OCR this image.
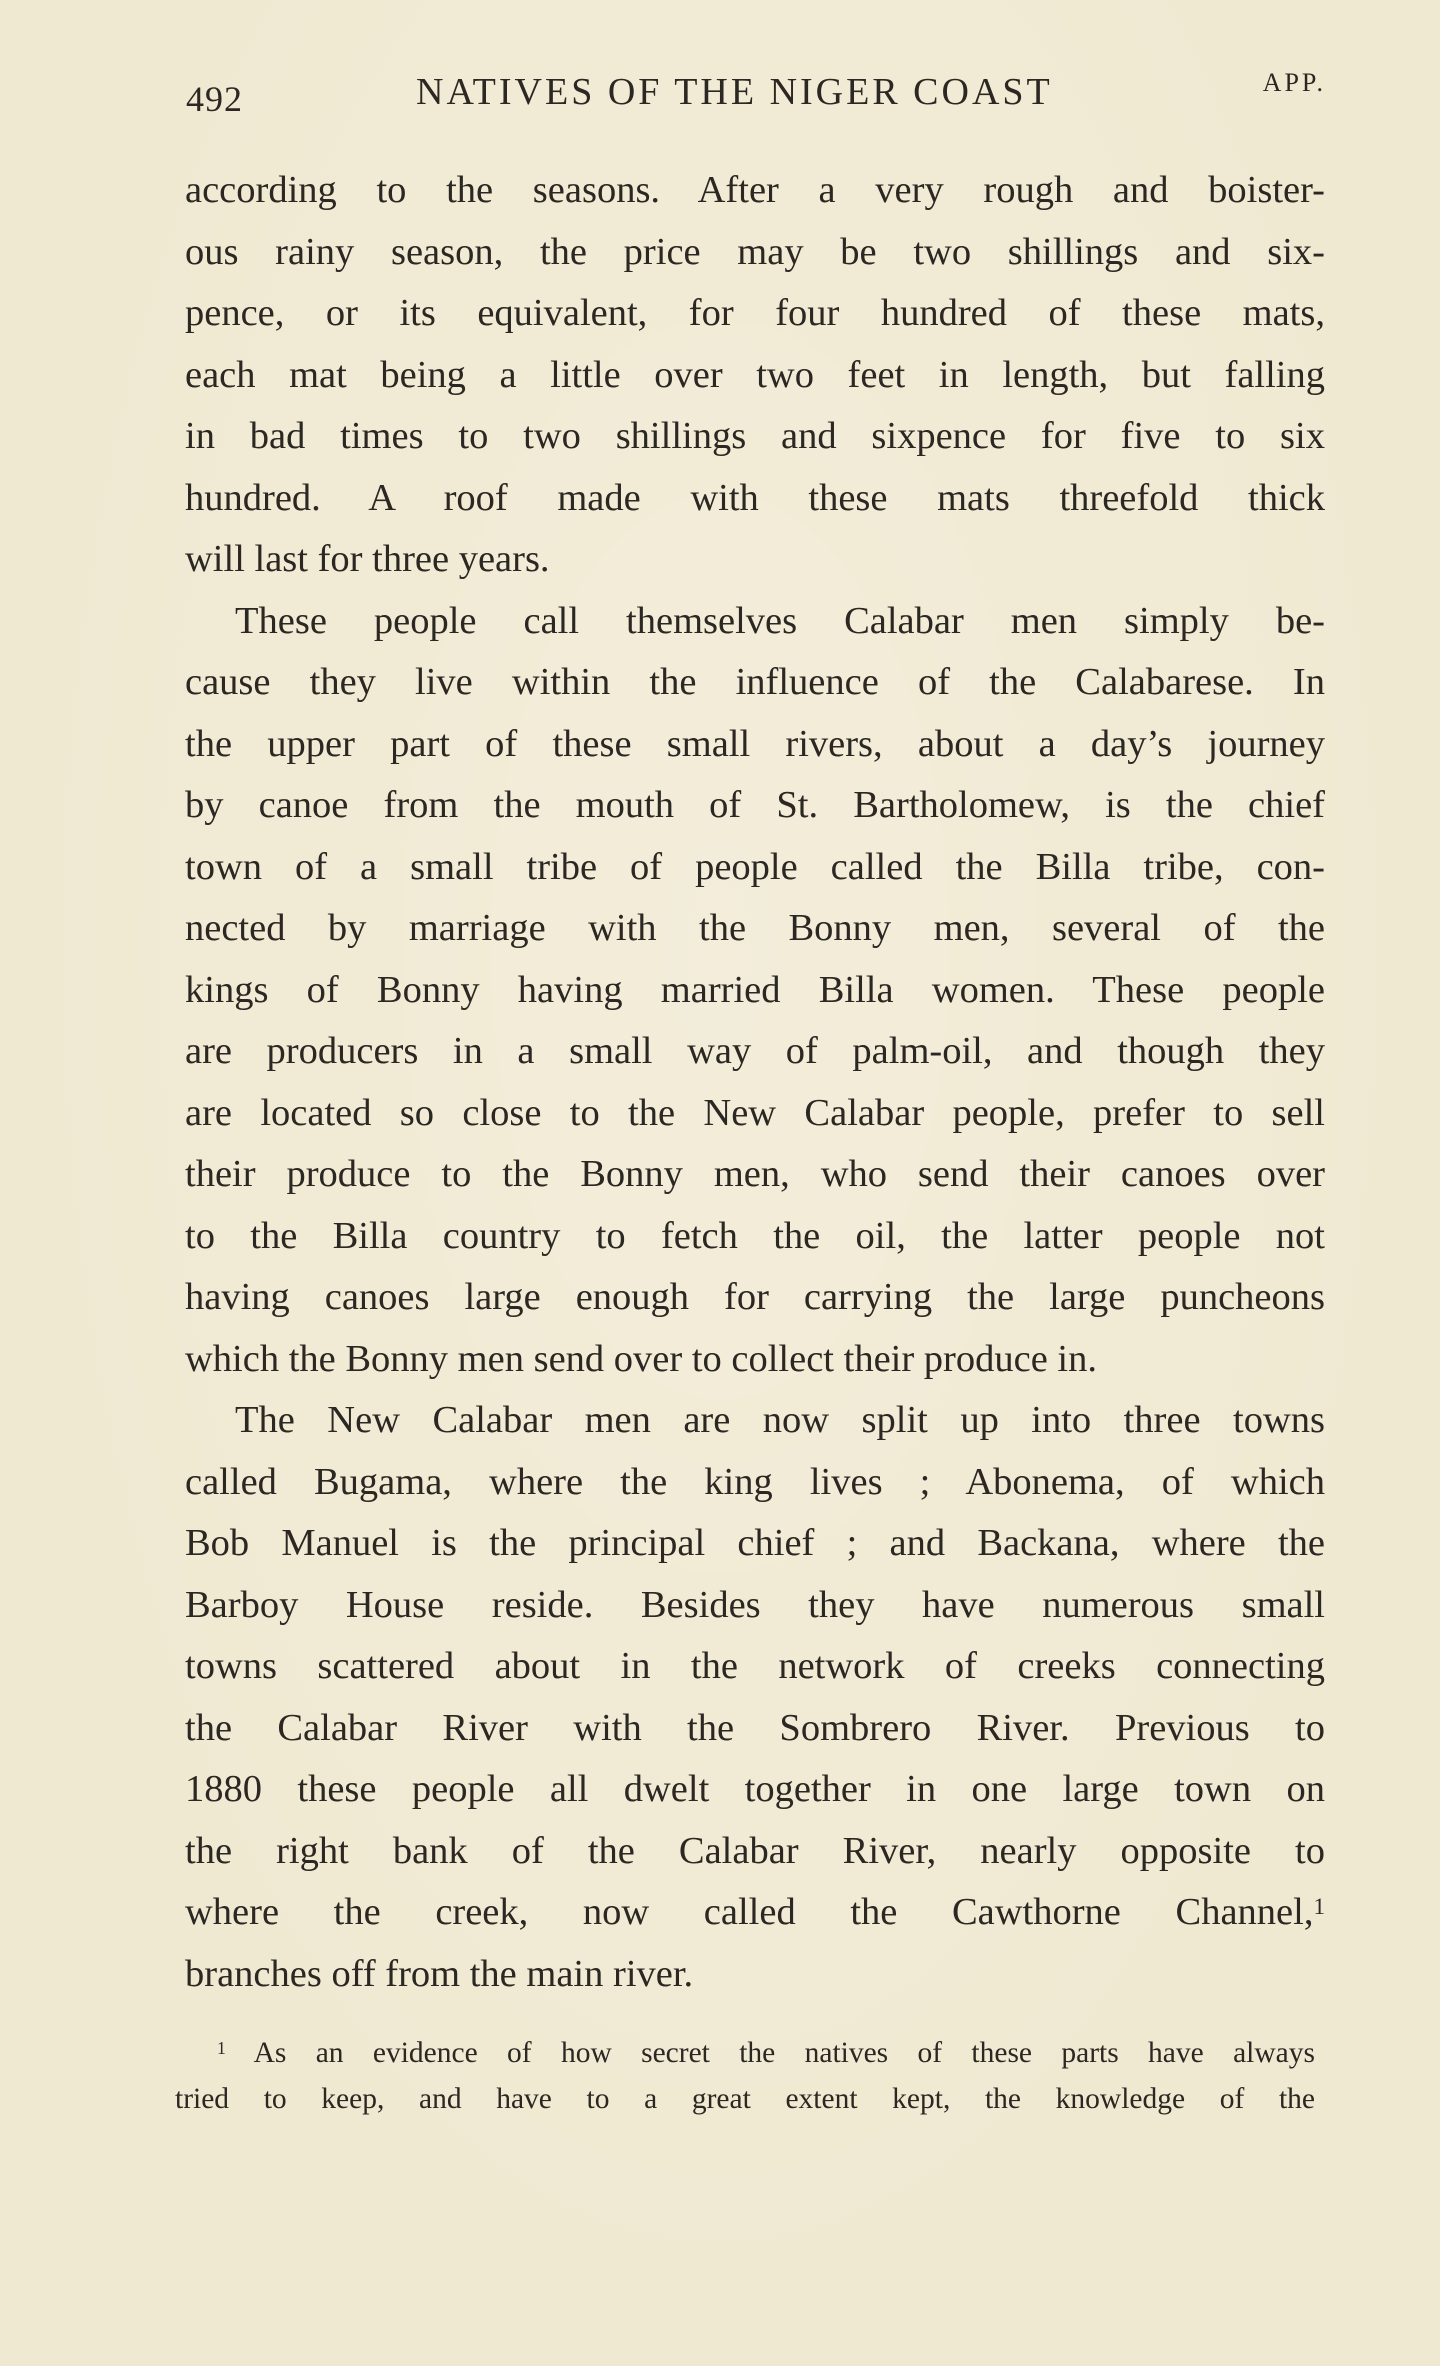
492	NATIVES OF THE NIGER COAST	APP.
according to the seasons. After a very rough and boister-
ous rainy season, the price may be two shillings and six-
pence, or its equivalent, for four hundred of these mats,
each mat being a little over two feet in length, but falling
in bad times to two shillings and sixpence for five to six
hundred. A roof made with these mats threefold thick
will last for three years.
These people call themselves Calabar men simply be-
cause they live within the influence of the Calabarese. In
the upper part of these small rivers, about a day’s journey
by canoe from the mouth of St. Bartholomew, is the chief
town of a small tribe of people called the Billa tribe, con-
nected by marriage with the Bonny men, several of the
kings of Bonny having married Billa women. These people
are producers in a small way of palm-oil, and though they
are located so close to the New Calabar people, prefer to sell
their produce to the Bonny men, who send their canoes over
to the Billa country to fetch the oil, the latter people not
having canoes large enough for carrying the large puncheons
which the Bonny men send over to collect their produce in.
The New Calabar men are now split up into three towns
called Bugama, where the king lives ; Abonema, of which
Bob Manuel is the principal chief ; and Backana, where the
Barboy House reside. Besides they have numerous small
towns scattered about in the network of creeks connecting
the Calabar River with the Sombrero River. Previous to
1880 these people all dwelt together in one large town on
the right bank of the Calabar River, nearly opposite to
where the creek, now called the Cawthorne Channel,$^1$
branches off from the main river.
$^1$ As an evidence of how secret the natives of these parts have always
tried to keep, and have to a great extent kept, the knowledge of the
